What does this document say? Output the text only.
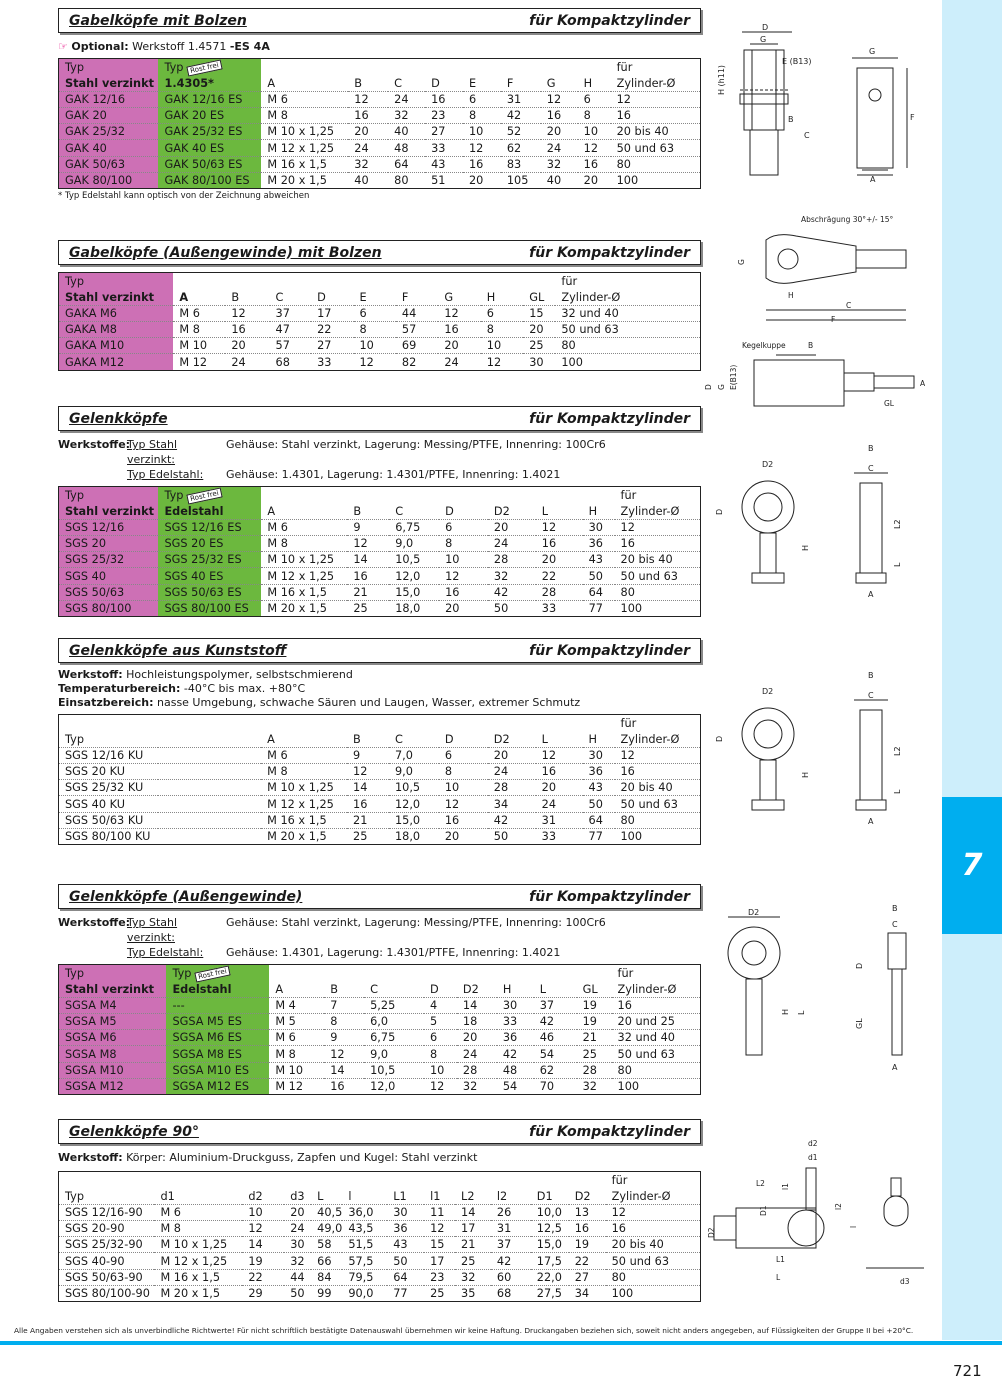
7
Gabelköpfe mit Bolzen	für Kompaktzylinder
☞ Optional: Werkstoff 1.4571 -ES 4A
Typ	Typ Rost frei									für
Stahl verzinkt	1.4305*	A	B	C	D	E	F	G	H	Zylinder-Ø
GAK 12/16	GAK 12/16 ES	M 6	12	24	16	6	31	12	6	12
GAK 20	GAK 20 ES	M 8	16	32	23	8	42	16	8	16
GAK 25/32	GAK 25/32 ES	M 10 x 1,25	20	40	27	10	52	20	10	20 bis 40
GAK 40	GAK 40 ES	M 12 x 1,25	24	48	33	12	62	24	12	50 und 63
GAK 50/63	GAK 50/63 ES	M 16 x 1,5	32	64	43	16	83	32	16	80
GAK 80/100	GAK 80/100 ES	M 20 x 1,5	40	80	51	20	105	40	20	100
* Typ Edelstahl kann optisch von der Zeichnung abweichen
Gabelköpfe (Außengewinde) mit Bolzen	für Kompaktzylinder
Typ										für
Stahl verzinkt	A	B	C	D	E	F	G	H	GL	Zylinder-Ø
GAKA M6	M 6	12	37	17	6	44	12	6	15	32 und 40
GAKA M8	M 8	16	47	22	8	57	16	8	20	50 und 63
GAKA M10	M 10	20	57	27	10	69	20	10	25	80
GAKA M12	M 12	24	68	33	12	82	24	12	30	100
Gelenkköpfe	für Kompaktzylinder
Werkstoffe:
Typ Stahl verzinkt:
Gehäuse: Stahl verzinkt, Lagerung: Messing/PTFE, Innenring: 100Cr6
Typ Edelstahl:	Gehäuse: 1.4301, Lagerung: 1.4301/PTFE, Innenring: 1.4021
Typ	Typ Rost frei								für
Stahl verzinkt	Edelstahl	A	B	C	D	D2	L	H	Zylinder-Ø
SGS 12/16	SGS 12/16 ES	M 6	9	6,75	6	20	12	30	12
SGS 20	SGS 20 ES	M 8	12	9,0	8	24	16	36	16
SGS 25/32	SGS 25/32 ES	M 10 x 1,25	14	10,5	10	28	20	43	20 bis 40
SGS 40	SGS 40 ES	M 12 x 1,25	16	12,0	12	32	22	50	50 und 63
SGS 50/63	SGS 50/63 ES	M 16 x 1,5	21	15,0	16	42	28	64	80
SGS 80/100	SGS 80/100 ES	M 20 x 1,5	25	18,0	20	50	33	77	100
Gelenkköpfe aus Kunststoff	für Kompaktzylinder
Werkstoff: Hochleistungspolymer, selbstschmierend
Temperaturbereich: -40°C bis max. +80°C
Einsatzbereich: nasse Umgebung, schwache Säuren und Laugen, Wasser, extremer Schmutz
									für
Typ		A	B	C	D	D2	L	H	Zylinder-Ø
SGS 12/16 KU		M 6	9	7,0	6	20	12	30	12
SGS 20 KU		M 8	12	9,0	8	24	16	36	16
SGS 25/32 KU		M 10 x 1,25	14	10,5	10	28	20	43	20 bis 40
SGS 40 KU		M 12 x 1,25	16	12,0	12	34	24	50	50 und 63
SGS 50/63 KU		M 16 x 1,5	21	15,0	16	42	31	64	80
SGS 80/100 KU		M 20 x 1,5	25	18,0	20	50	33	77	100
Gelenkköpfe (Außengewinde)	für Kompaktzylinder
Werkstoffe:
Typ Stahl verzinkt:
Gehäuse: Stahl verzinkt, Lagerung: Messing/PTFE, Innenring: 100Cr6
Typ Edelstahl:	Gehäuse: 1.4301, Lagerung: 1.4301/PTFE, Innenring: 1.4021
Typ	Typ Rost frei									für
Stahl verzinkt	Edelstahl	A	B	C	D	D2	H	L	GL	Zylinder-Ø
SGSA M4	---	M 4	7	5,25	4	14	30	37	19	16
SGSA M5	SGSA M5 ES	M 5	8	6,0	5	18	33	42	19	20 und 25
SGSA M6	SGSA M6 ES	M 6	9	6,75	6	20	36	46	21	32 und 40
SGSA M8	SGSA M8 ES	M 8	12	9,0	8	24	42	54	25	50 und 63
SGSA M10	SGSA M10 ES	M 10	14	10,5	10	28	48	62	28	80
SGSA M12	SGSA M12 ES	M 12	16	12,0	12	32	54	70	32	100
Gelenkköpfe 90°	für Kompaktzylinder
Werkstoff: Körper: Aluminium-Druckguss, Zapfen und Kugel: Stahl verzinkt
												für
Typ	d1	d2	d3	L	l	L1	l1	L2	l2	D1	D2	Zylinder-Ø
SGS 12/16-90	M 6	10	20	40,5	36,0	30	11	14	26	10,0	13	12
SGS 20-90	M 8	12	24	49,0	43,5	36	12	17	31	12,5	16	16
SGS 25/32-90	M 10 x 1,25	14	30	58	51,5	43	15	21	37	15,0	19	20 bis 40
SGS 40-90	M 12 x 1,25	19	32	66	57,5	50	17	25	42	17,5	22	50 und 63
SGS 50/63-90	M 16 x 1,5	22	44	84	79,5	64	23	32	60	22,0	27	80
SGS 80/100-90	M 20 x 1,5	29	50	99	90,0	77	25	35	68	27,5	34	100
D
G
E (B13)
H (h11)
B
C
A
G
F
Abschrägung 30°+/- 15°
G
H
C
F
Kegelkuppe	B
D E(B13)
G	A
GL
D2
D
H
B
C
L2
L
A
D2
D
H
B
C
L2
L
A
D2
H L
B
C
D
GL
A
d2
d1
L2 l1
D1	l2
l
D2
L1
L	d3
Alle Angaben verstehen sich als unverbindliche Richtwerte! Für nicht schriftlich bestätigte Datenauswahl übernehmen wir keine Haftung. Druckangaben beziehen sich, soweit nicht anders angegeben, auf Flüssigkeiten der Gruppe II bei +20°C.
721
